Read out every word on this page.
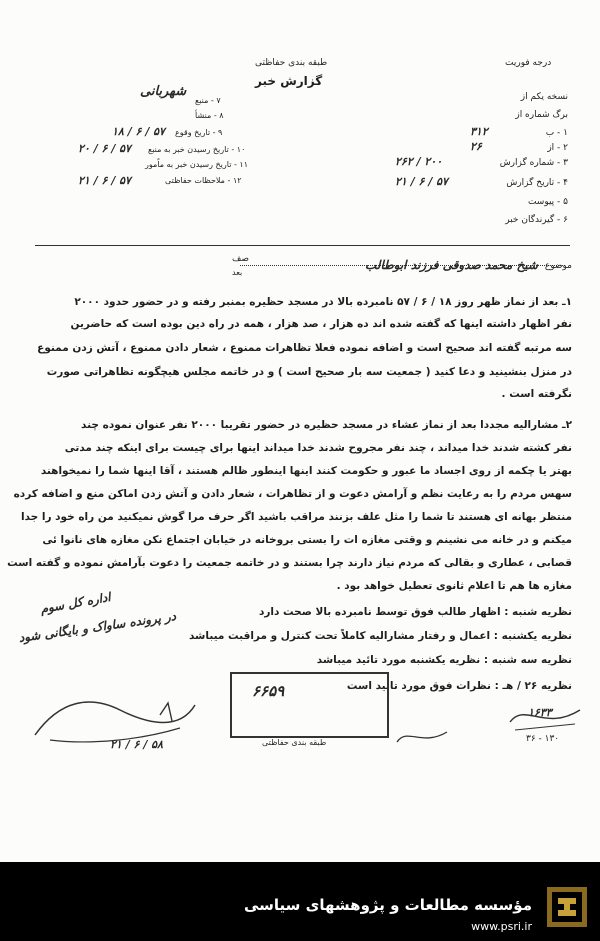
درجه فوریت
طبقه بندی حفاظتی
گزارش خبر
شهربانی	نسخه یکم از
برگ شماره از
۱ - ب
۲ - از
۳ - شماره گزارش
۴ - تاریخ گزارش
۵ - پیوست
۶ - گیرندگان خبر
۳۱۲
۲۶
۲۶۲ / ۲۰۰
۲۱ / ۶ / ۵۷
۷ - منبع
۸ - منشأ
۹ - تاریخ وقوع
۱۰ - تاریخ رسیدن خبر به منبع
۱۱ - تاریخ رسیدن خبر به ماًمور
۱۲ - ملاحظات حفاظتی
۱۸ / ۶ / ۵۷
۲۰ / ۶ / ۵۷
۲۱ / ۶ / ۵۷
موضوع
شیخ محمد صدوقی فرزند ابوطالب
صف
بعد
۱ـ بعد از نماز ظهر روز ۱۸ / ۶ / ۵۷ نامبرده بالا در مسجد حظیره بمنبر رفته و در حضور حدود ۲۰۰۰
نفر اظهار داشته اینها که گفته شده اند ده هزار ، صد هزار ، همه در راه دین بوده است که حاضرین
سه مرتبه گفته اند صحیح است و اضافه نموده فعلا تظاهرات ممنوع ، شعار دادن ممنوع ، آتش زدن ممنوع
در منزل بنشینید و دعا کنید ( جمعیت سه بار صحیح است ) و در خاتمه مجلس هیچگونه تظاهراتی صورت
نگرفته است .
۲ـ مشارالیه مجددا بعد از نماز عشاء در مسجد حظیره در حضور تقریبا ۲۰۰۰ نفر عنوان نموده چند
نفر کشته شدند خدا میداند ، چند نفر مجروح شدند خدا میداند اینها برای چیست برای اینکه چند مدتی
بهتر یا چکمه از روی اجساد ما عبور و حکومت کنند اینها اینطور ظالم هستند ، آقا اینها شما را نمیخواهند
سهس مردم را به رعایت نظم و آرامش دعوت و از تظاهرات ، شعار دادن و آتش زدن اماکن منع و اضافه کرده
منتظر بهانه ای هستند تا شما را مثل علف بزنند مراقب باشید اگر حرف مرا گوش نمیکنید من راه خود را جدا
میکنم و در خانه می نشینم و وقتی مغازه ات را بستی بروخانه در خیابان اجتماع نکن مغازه های نانوا ئی
قصابی ، عطاری و بقالی که مردم نیاز دارند چرا بستند و در خاتمه جمعیت را دعوت بآرامش نموده و گفته است
مغازه ها هم تا اعلام ثانوی تعطیل خواهد بود .
نظریه شنبه : اظهار طالب فوق توسط نامبرده بالا صحت دارد
نظریه یکشنبه : اعمال و رفتار مشارالیه کاملاً تحت کنترل و مراقبت میباشد
نظریه سه شنبه : نظریه یکشنبه مورد تائید میباشد
نظریه ۲۶ / هـ : نظرات فوق مورد تائید است
در پرونده ساواک و بایگانی شود
اداره کل سوم
۲۱ / ۶ / ۵۸
۶۶۵۹
طبقه بندی حفاظتی
۱۶۳۳
۳۶ - ۱۳۰
مؤسسه مطالعات و پژوهشهای سیاسی
www.psri.ir
